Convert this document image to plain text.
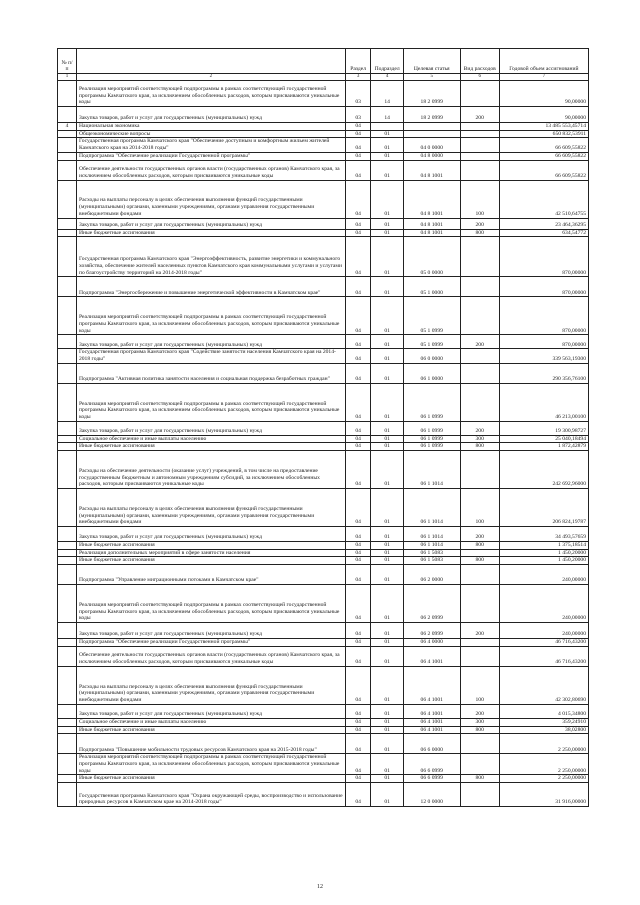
№ п/п		Раздел	Подраздел	Целевая статья	Вид расходов	Годовой объем ассигнований
1	2	3	4	5	6	7
	Реализация мероприятий соответствующей подпрограммы в рамках соответствующей государственной программы Камчатского края, за исключением обособленных расходов, которым присваиваются уникальные коды	03	14	18 2 0999		90,00000
	Закупка товаров, работ и услуг для государственных (муниципальных) нужд	03	14	18 2 0999	200	90,00000
4	Национальная экономика	04				13 485 553,45714
	Общеэкономические вопросы	04	01			650 832,53911
	Государственная программа Камчатского края "Обеспечение доступным и комфортным жильем жителей Камчатского края на 2014-2018 годы"	04	01	04 0 0000		66 609,55822
	Подпрограмма "Обеспечение реализации Государственной программы"	04	01	04 8 0000		66 609,55822
	Обеспечение деятельности государственных органов власти (государственных органов) Камчатского края, за исключением обособленных расходов, которым присваиваются уникальные коды	04	01	04 8 1001		66 609,55822
	Расходы на выплаты персоналу в целях обеспечения выполнения функций государственными (муниципальными) органами, казенными учреждениями, органами управления государственными внебюджетными фондами	04	01	04 8 1001	100	42 510,64755
	Закупка товаров, работ и услуг для государственных (муниципальных) нужд	04	01	04 8 1001	200	23 464,36295
	Иные бюджетные ассигнования	04	01	04 8 1001	800	634,54772
	Государственная программа Камчатского края "Энергоэффективность, развитие энергетики и коммунального хозяйства, обеспечение жителей населенных пунктов Камчатского края коммунальными услугами и услугами по благоустройству территорий на 2014-2018 годы"	04	01	05 0 0000		870,00000
	Подпрограмма "Энергосбережение и повышение энергетической эффективности в Камчатском крае"	04	01	05 1 0000		870,00000
	Реализация мероприятий соответствующей подпрограммы в рамках соответствующей государственной программы Камчатского края, за исключением обособленных расходов, которым присваиваются уникальные коды	04	01	05 1 0999		870,00000
	Закупка товаров, работ и услуг для государственных (муниципальных) нужд	04	01	05 1 0999	200	870,00000
	Государственная программа Камчатского края "Содействие занятости населения Камчатского края на 2014-2018 годы"	04	01	06 0 0000		339 563,19300
	Подпрограмма "Активная политика занятости населения и социальная поддержка безработных граждан"	04	01	06 1 0000		290 356,76100
	Реализация мероприятий соответствующей подпрограммы в рамках соответствующей государственной программы Камчатского края, за исключением обособленных расходов, которым присваиваются уникальные коды	04	01	06 1 0999		46 213,00100
	Закупка товаров, работ и услуг для государственных (муниципальных) нужд	04	01	06 1 0999	200	19 300,98727
	Социальное обеспечение и иные выплаты населению	04	01	06 1 0999	300	25 040,18494
	Иные бюджетные ассигнования	04	01	06 1 0999	800	1 872,42879
	Расходы на обеспечение деятельности (оказание услуг) учреждений, в том числе на предоставление государственным бюджетным и автономным учреждениям субсидий, за исключением обособленных расходов, которым присваиваются уникальные коды	04	01	06 1 1014		242 692,96000
	Расходы на выплаты персоналу в целях обеспечения выполнения функций государственными (муниципальными) органами, казенными учреждениями, органами управления государственными внебюджетными фондами	04	01	06 1 1014	100	206 824,19787
	Закупка товаров, работ и услуг для государственных (муниципальных) нужд	04	01	06 1 1014	200	34 493,57659
	Иные бюджетные ассигнования	04	01	06 1 1014	800	1 375,18514
	Реализация дополнительных мероприятий в сфере занятости населения	04	01	06 1 5083		1 450,20000
	Иные бюджетные ассигнования	04	01	06 1 5083	800	1 450,20000
	Подпрограмма "Управление миграционными потоками в Камчатском крае"	04	01	06 2 0000		240,00000
	Реализация мероприятий соответствующей подпрограммы в рамках соответствующей государственной программы Камчатского края, за исключением обособленных расходов, которым присваиваются уникальные коды	04	01	06 2 0999		240,00000
	Закупка товаров, работ и услуг для государственных (муниципальных) нужд	04	01	06 2 0999	200	240,00000
	Подпрограмма "Обеспечение реализации Государственной программы"	04	01	06 4 0000		46 716,43200
	Обеспечение деятельности государственных органов власти (государственных органов) Камчатского края, за исключением обособленных расходов, которым присваиваются уникальные коды	04	01	06 4 1001		46 716,43200
	Расходы на выплаты персоналу в целях обеспечения выполнения функций государственными (муниципальными) органами, казенными учреждениями, органами управления государственными внебюджетными фондами	04	01	06 4 1001	100	42 302,80690
	Закупка товаров, работ и услуг для государственных (муниципальных) нужд	04	01	06 4 1001	200	4 015,34800
	Социальное обеспечение и иные выплаты населению	04	01	06 4 1001	300	359,24910
	Иные бюджетные ассигнования	04	01	06 4 1001	800	38,02800
	Подпрограмма "Повышение мобильности трудовых ресурсов Камчатского края на 2015-2018 годы"	04	01	06 6 0000		2 250,00000
	Реализация мероприятий соответствующей подпрограммы в рамках соответствующей государственной программы Камчатского края, за исключением обособленных расходов, которым присваиваются уникальные коды	04	01	06 6 0999		2 250,00000
	Иные бюджетные ассигнования	04	01	06 6 0999	800	2 250,00000
	Государственная программа Камчатского края "Охрана окружающей среды, воспроизводство и использование природных ресурсов в Камчатском крае на 2014-2018 годы"	04	01	12 0 0000		31 916,00000
12
